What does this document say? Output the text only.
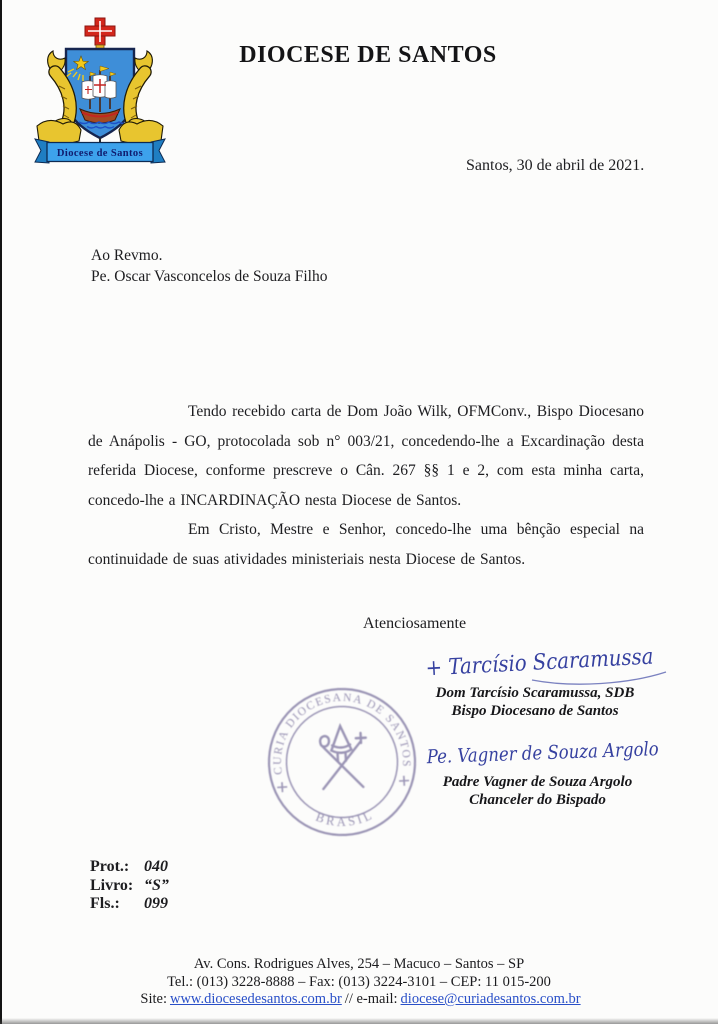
Diocese de Santos
DIOCESE DE SANTOS
Santos, 30 de abril de 2021.
Ao Revmo.
Pe. Oscar Vasconcelos de Souza Filho

Tendo recebido carta de Dom João Wilk, OFMConv., Bispo Diocesano de Anápolis - GO, protocolada sob n° 003/21, concedendo-lhe a Excardinação desta referida Diocese, conforme prescreve o Cân. 267 §§ 1 e 2, com esta minha carta, concedo-lhe a INCARDINAÇÃO nesta Diocese de Santos.

Em Cristo, Mestre e Senhor, concedo-lhe uma bênção especial na continuidade de suas atividades ministeriais nesta Diocese de Santos.

Atenciosamente
+ Tarcísio Scaramussa
Dom Tarcísio Scaramussa, SDB
Bispo Diocesano de Santos
CURIA DIOCESANA DE SANTOS
BRASIL
Pe. Vagner de Souza Argolo
Padre Vagner de Souza Argolo
Chanceler do Bispado
Prot.: 040
Livro: “S”
Fls.:	099
Av. Cons. Rodrigues Alves, 254 – Macuco – Santos – SP
Tel.: (013) 3228-8888 – Fax: (013) 3224-3101 – CEP: 11 015-200
Site: www.diocesedesantos.com.br // e-mail: diocese@curiadesantos.com.br
